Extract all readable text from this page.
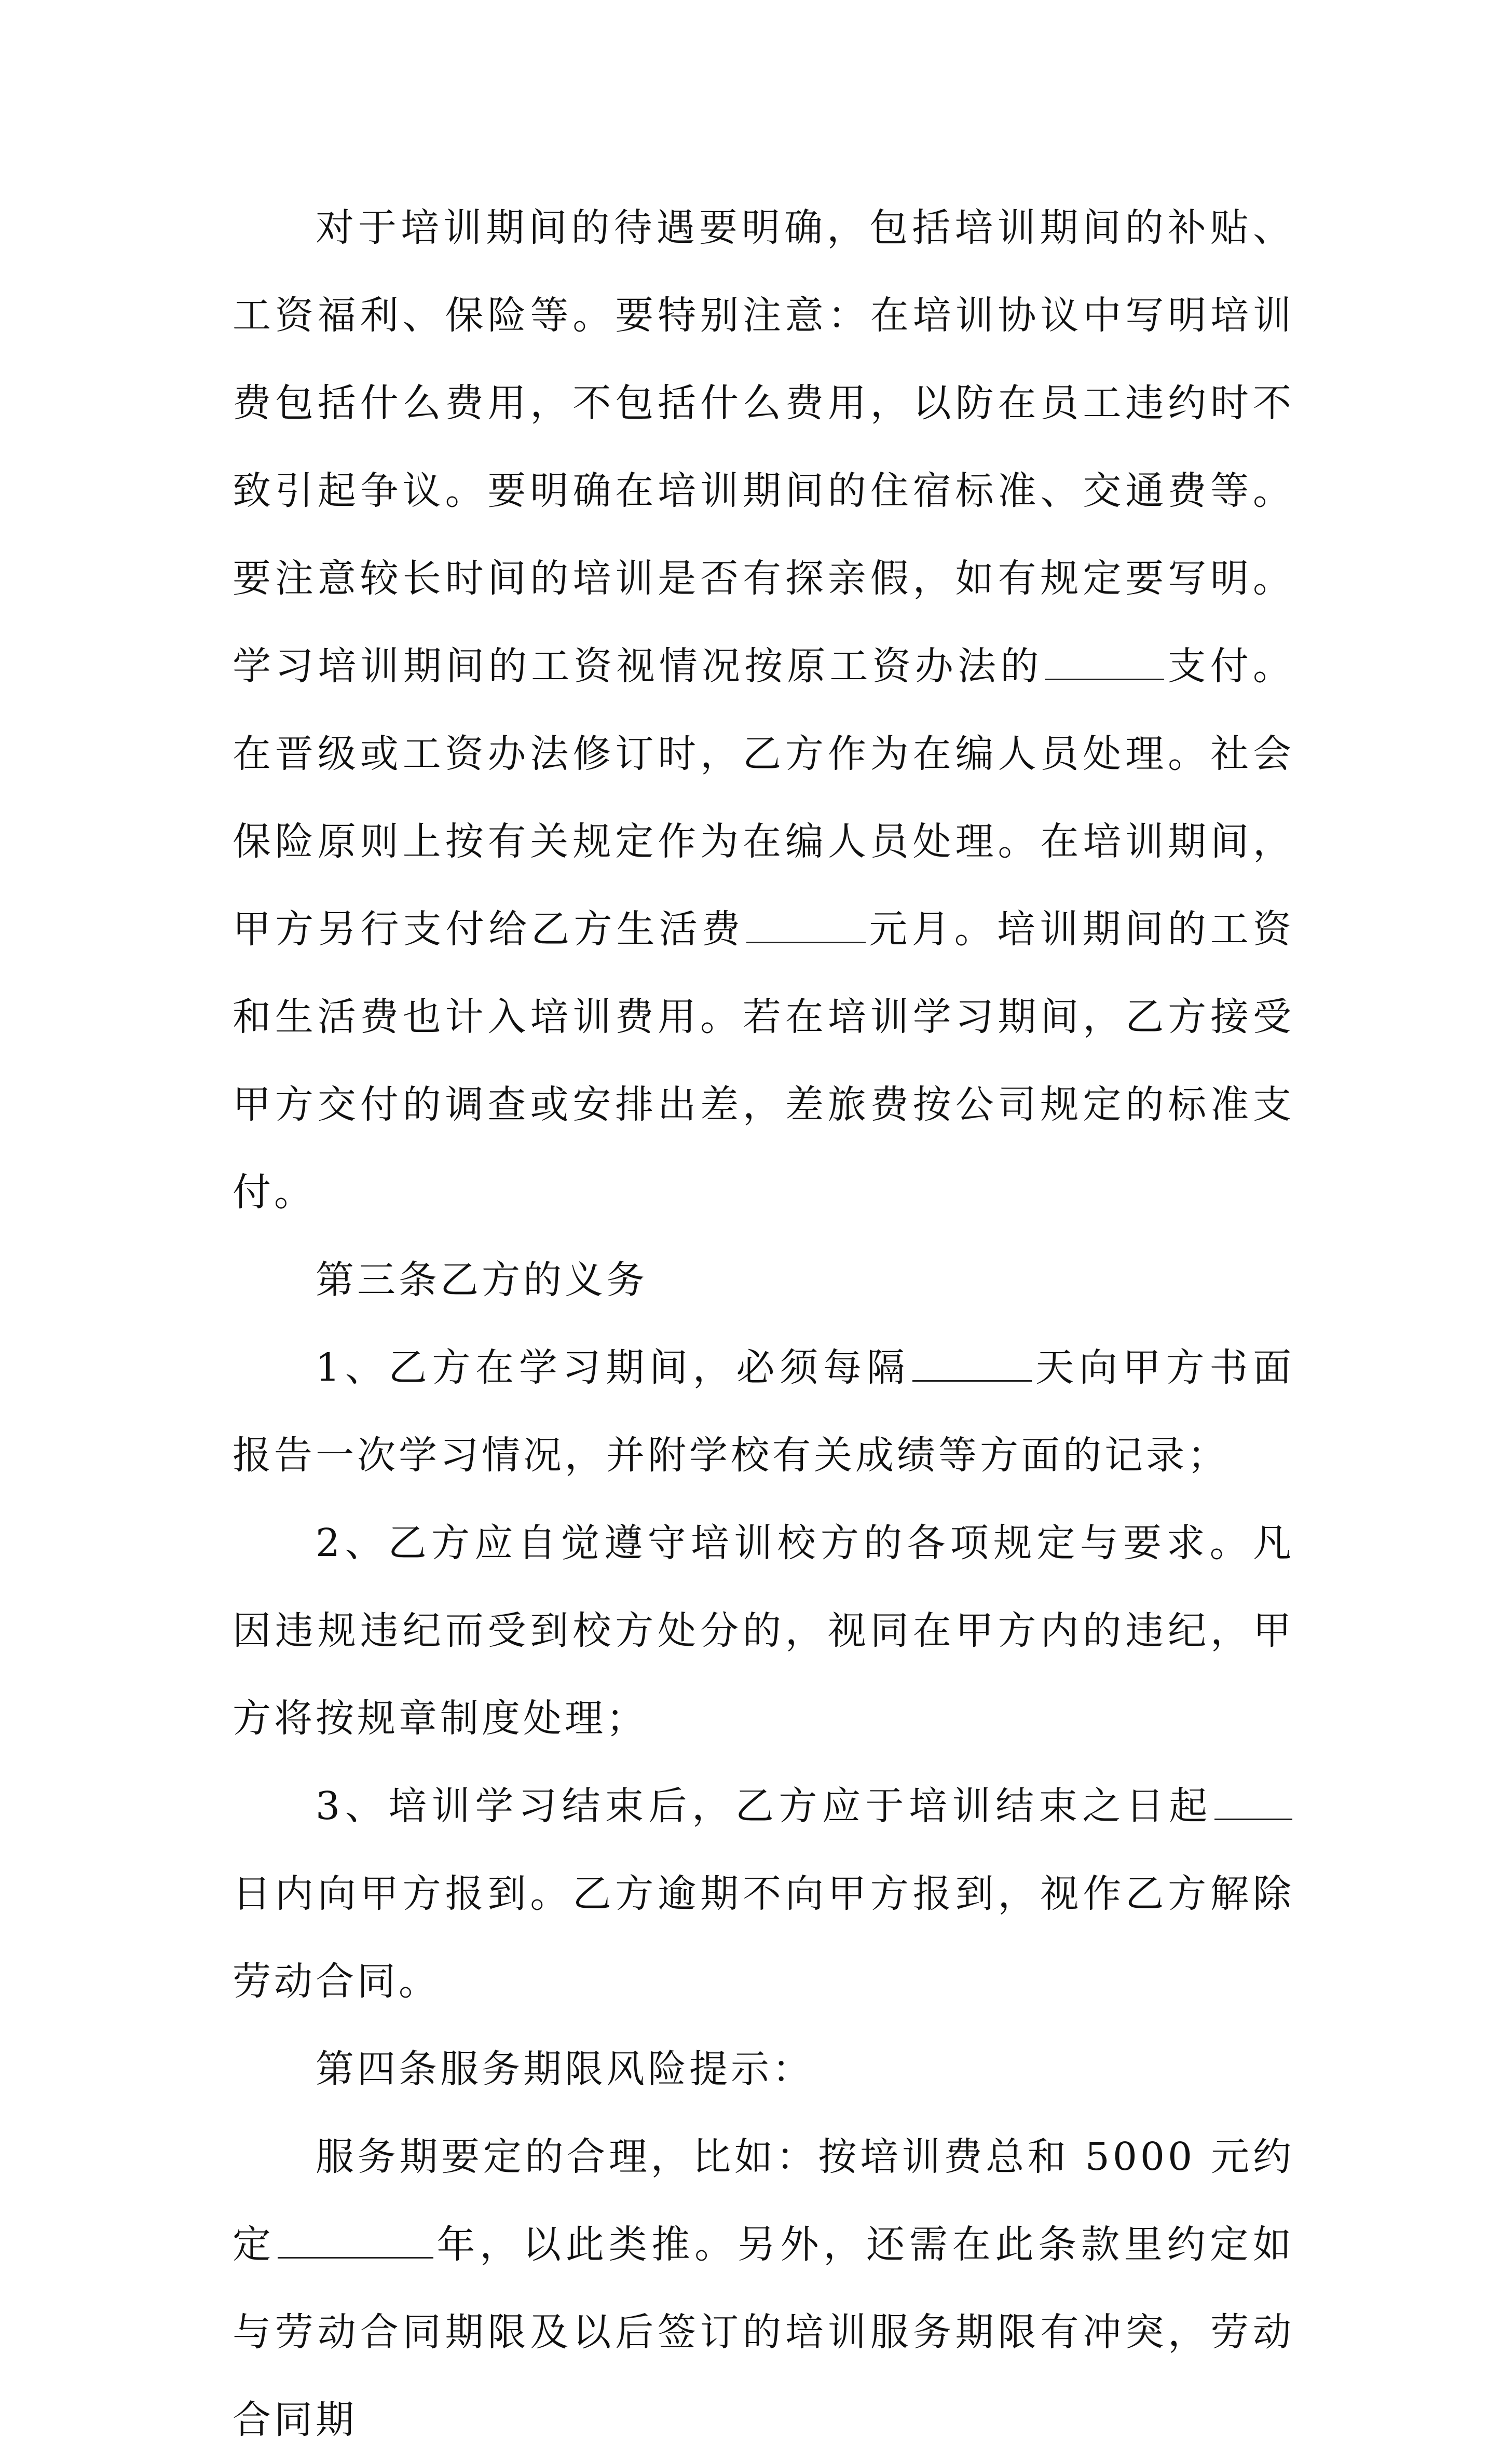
对于培训期间的待遇要明确，包括培训期间的补贴、工资福利、保险等。要特别注意：在培训协议中写明培训费包括什么费用，不包括什么费用，以防在员工违约时不致引起争议。要明确在培训期间的住宿标准、交通费等。要注意较长时间的培训是否有探亲假，如有规定要写明。学习培训期间的工资视情况按原工资办法的	支付。在晋级或工资办法修订时，乙方作为在编人员处理。社会保险原则上按有关规定作为在编人员处理。在培训期间，甲方另行支付给乙方生活费	元月。培训期间的工资和生活费也计入培训费用。若在培训学习期间，乙方接受甲方交付的调查或安排出差，差旅费按公司规定的标准支付。

第三条乙方的义务

1、乙方在学习期间，必须每隔	天向甲方书面报告一次学习情况，并附学校有关成绩等方面的记录；

2、乙方应自觉遵守培训校方的各项规定与要求。凡因违规违纪而受到校方处分的，视同在甲方内的违纪，甲方将按规章制度处理；

3、培训学习结束后，乙方应于培训结束之日起日内向甲方报到。乙方逾期不向甲方报到，视作乙方解除劳动合同。

第四条服务期限风险提示：

服务期要定的合理，比如：按培训费总和 5000 元约定	年，以此类推。另外，还需在此条款里约定如与劳动合同期限及以后签订的培训服务期限有冲突，劳动合同期
